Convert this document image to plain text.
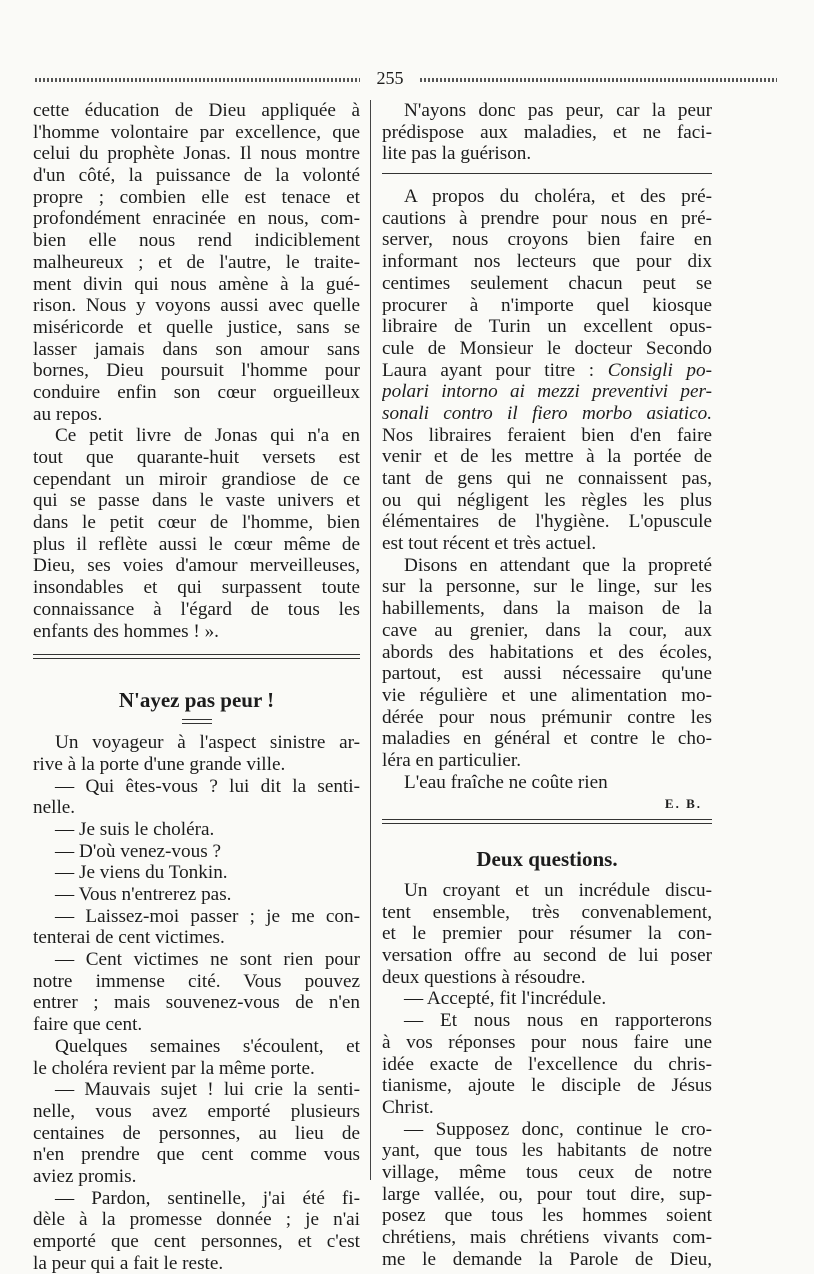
255
cette éducation de Dieu appliquée à
l'homme volontaire par excellence, que
celui du prophète Jonas. Il nous montre
d'un côté, la puissance de la volonté
propre ; combien elle est tenace et
profondément enracinée en nous, com-
bien elle nous rend indiciblement
malheureux ; et de l'autre, le traite-
ment divin qui nous amène à la gué-
rison. Nous y voyons aussi avec quelle
miséricorde et quelle justice, sans se
lasser jamais dans son amour sans
bornes, Dieu poursuit l'homme pour
conduire enfin son cœur orgueilleux
au repos.
Ce petit livre de Jonas qui n'a en
tout que quarante-huit versets est
cependant un miroir grandiose de ce
qui se passe dans le vaste univers et
dans le petit cœur de l'homme, bien
plus il reflète aussi le cœur même de
Dieu, ses voies d'amour merveilleuses,
insondables et qui surpassent toute
connaissance à l'égard de tous les
enfants des hommes ! ».
N'ayez pas peur !
Un voyageur à l'aspect sinistre ar-
rive à la porte d'une grande ville.
— Qui êtes-vous ? lui dit la senti-
nelle.
— Je suis le choléra.
— D'où venez-vous ?
— Je viens du Tonkin.
— Vous n'entrerez pas.
— Laissez-moi passer ; je me con-
tenterai de cent victimes.
— Cent victimes ne sont rien pour
notre immense cité. Vous pouvez
entrer ; mais souvenez-vous de n'en
faire que cent.
Quelques semaines s'écoulent, et
le choléra revient par la même porte.
— Mauvais sujet ! lui crie la senti-
nelle, vous avez emporté plusieurs
centaines de personnes, au lieu de
n'en prendre que cent comme vous
aviez promis.
— Pardon, sentinelle, j'ai été fi-
dèle à la promesse donnée ; je n'ai
emporté que cent personnes, et c'est
la peur qui a fait le reste.
N'ayons donc pas peur, car la peur
prédispose aux maladies, et ne faci-
lite pas la guérison.
A propos du choléra, et des pré-
cautions à prendre pour nous en pré-
server, nous croyons bien faire en
informant nos lecteurs que pour dix
centimes seulement chacun peut se
procurer à n'importe quel kiosque
libraire de Turin un excellent opus-
cule de Monsieur le docteur Secondo
Laura ayant pour titre : Consigli po-
polari intorno ai mezzi preventivi per-
sonali contro il fiero morbo asiatico.
Nos libraires feraient bien d'en faire
venir et de les mettre à la portée de
tant de gens qui ne connaissent pas,
ou qui négligent les règles les plus
élémentaires de l'hygiène. L'opuscule
est tout récent et très actuel.
Disons en attendant que la propreté
sur la personne, sur le linge, sur les
habillements, dans la maison de la
cave au grenier, dans la cour, aux
abords des habitations et des écoles,
partout, est aussi nécessaire qu'une
vie régulière et une alimentation mo-
dérée pour nous prémunir contre les
maladies en général et contre le cho-
léra en particulier.
L'eau fraîche ne coûte rien
E. B.
Deux questions.
Un croyant et un incrédule discu-
tent ensemble, très convenablement,
et le premier pour résumer la con-
versation offre au second de lui poser
deux questions à résoudre.
— Accepté, fit l'incrédule.
— Et nous nous en rapporterons
à vos réponses pour nous faire une
idée exacte de l'excellence du chris-
tianisme, ajoute le disciple de Jésus
Christ.
— Supposez donc, continue le cro-
yant, que tous les habitants de notre
village, même tous ceux de notre
large vallée, ou, pour tout dire, sup-
posez que tous les hommes soient
chrétiens, mais chrétiens vivants com-
me le demande la Parole de Dieu,
